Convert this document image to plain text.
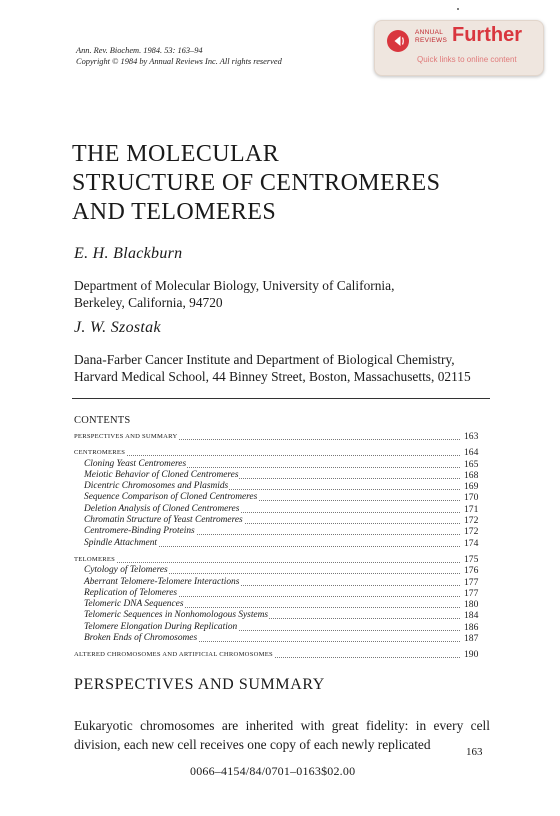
Ann. Rev. Biochem. 1984. 53: 163–94
Copyright © 1984 by Annual Reviews Inc. All rights reserved
ANNUAL
REVIEWS Further
Quick links to online content
THE MOLECULAR
STRUCTURE OF CENTROMERES
AND TELOMERES
E. H. Blackburn
Department of Molecular Biology, University of California,
Berkeley, California, 94720
J. W. Szostak
Dana-Farber Cancer Institute and Department of Biological Chemistry,
Harvard Medical School, 44 Binney Street, Boston, Massachusetts, 02115
CONTENTS
PERSPECTIVES AND SUMMARY	163
CENTROMERES	164
Cloning Yeast Centromeres	165
Meiotic Behavior of Cloned Centromeres	168
Dicentric Chromosomes and Plasmids	169
Sequence Comparison of Cloned Centromeres	170
Deletion Analysis of Cloned Centromeres	171
Chromatin Structure of Yeast Centromeres	172
Centromere-Binding Proteins	172
Spindle Attachment	174
TELOMERES	175
Cytology of Telomeres	176
Aberrant Telomere-Telomere Interactions	177
Replication of Telomeres	177
Telomeric DNA Sequences	180
Telomeric Sequences in Nonhomologous Systems	184
Telomere Elongation During Replication	186
Broken Ends of Chromosomes	187
ALTERED CHROMOSOMES AND ARTIFICIAL CHROMOSOMES	190
PERSPECTIVES AND SUMMARY
Eukaryotic chromosomes are inherited with great fidelity: in every cell division, each new cell receives one copy of each newly replicated	163
0066–4154/84/0701–0163$02.00
